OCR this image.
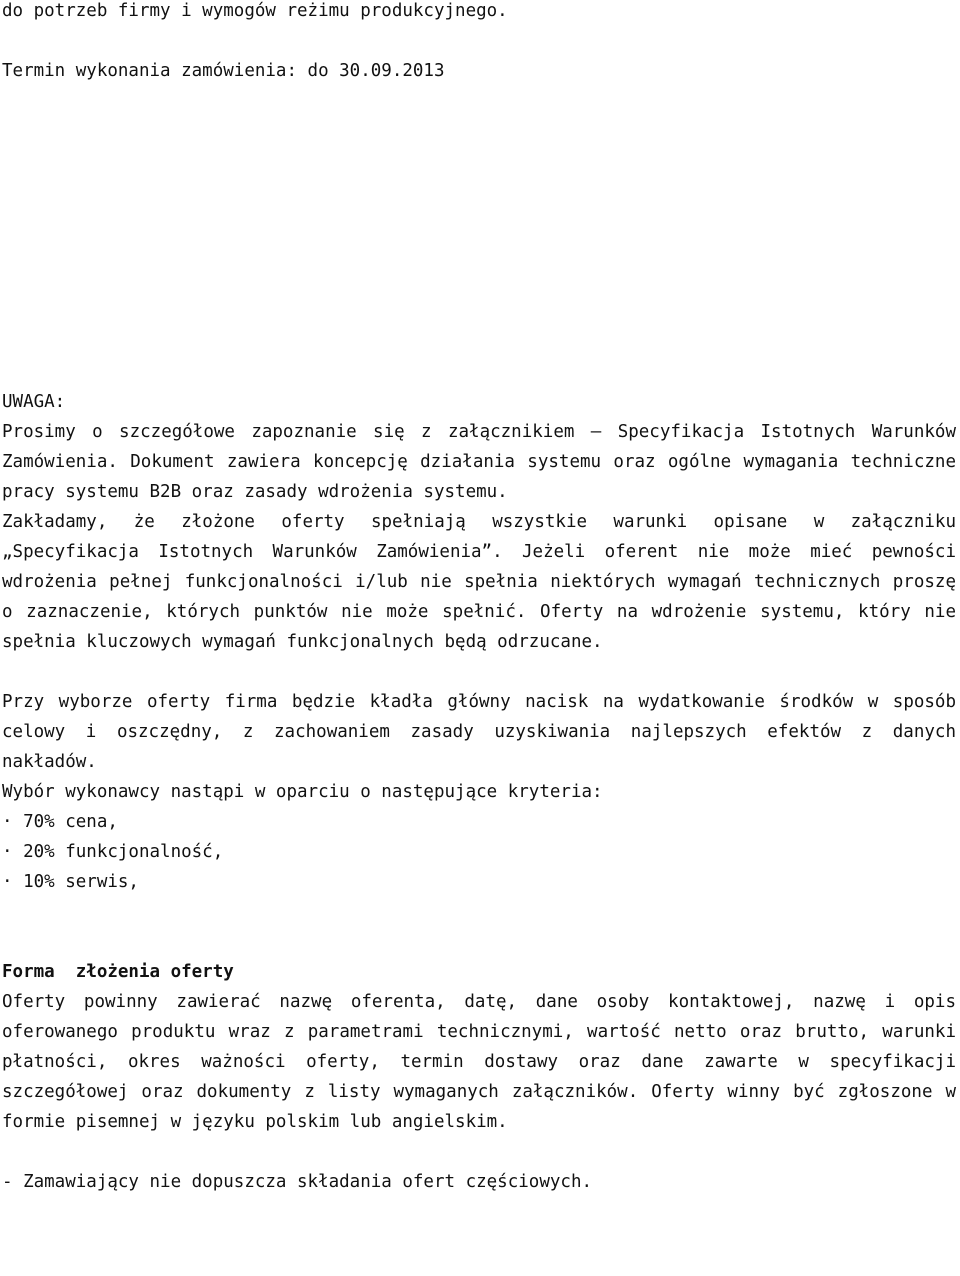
do potrzeb firmy i wymogów reżimu produkcyjnego.

Termin wykonania zamówienia: do 30.09.2013

UWAGA:

Prosimy o szczegółowe zapoznanie się z załącznikiem – Specyfikacja Istotnych Warunków Zamówienia. Dokument zawiera koncepcję działania systemu oraz ogólne wymagania techniczne pracy systemu B2B oraz zasady wdrożenia systemu.

Zakładamy, że złożone oferty spełniają wszystkie warunki opisane w załączniku „Specyfikacja Istotnych Warunków Zamówienia”. Jeżeli oferent nie może mieć pewności wdrożenia pełnej funkcjonalności i/lub nie spełnia niektórych wymagań technicznych proszę o zaznaczenie, których punktów nie może spełnić. Oferty na wdrożenie systemu, który nie spełnia kluczowych wymagań funkcjonalnych będą odrzucane.

Przy wyborze oferty firma będzie kładła główny nacisk na wydatkowanie środków w sposób celowy i oszczędny, z zachowaniem zasady uzyskiwania najlepszych efektów z danych nakładów.

Wybór wykonawcy nastąpi w oparciu o następujące kryteria:

· 70% cena,

· 20% funkcjonalność,

· 10% serwis,

Forma  złożenia oferty

Oferty powinny zawierać nazwę oferenta, datę, dane osoby kontaktowej, nazwę i opis oferowanego produktu wraz z parametrami technicznymi, wartość netto oraz brutto, warunki płatności, okres ważności oferty, termin dostawy oraz dane zawarte w specyfikacji szczegółowej oraz dokumenty z listy wymaganych załączników. Oferty winny być zgłoszone w formie pisemnej w języku polskim lub angielskim.

- Zamawiający nie dopuszcza składania ofert częściowych.
